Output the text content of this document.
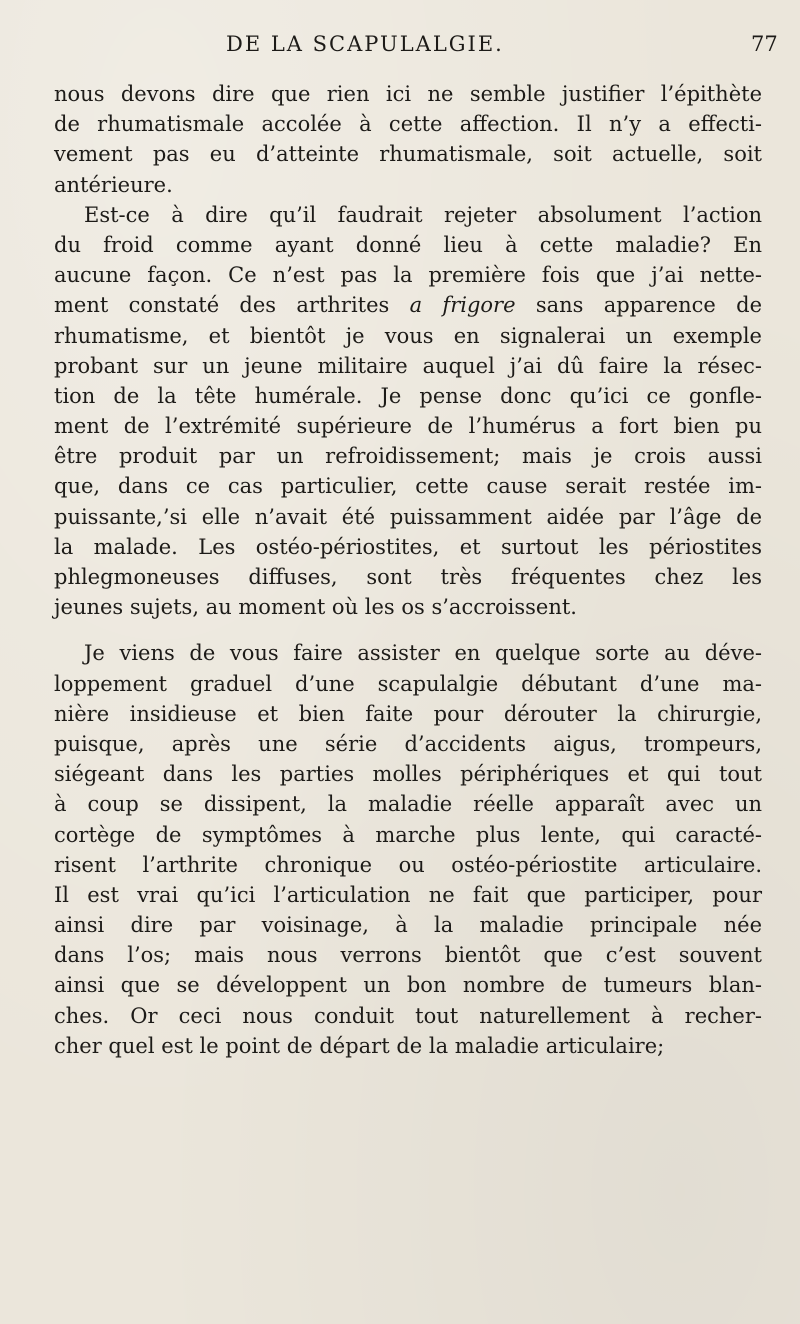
DE LA SCAPULALGIE.	77
nous devons dire que rien ici ne semble justifier l’épithète
de rhumatismale accolée à cette affection. Il n’y a effecti-
vement pas eu d’atteinte rhumatismale, soit actuelle, soit
antérieure.
Est-ce à dire qu’il faudrait rejeter absolument l’action
du froid comme ayant donné lieu à cette maladie? En
aucune façon. Ce n’est pas la première fois que j’ai nette-
ment constaté des arthrites a frigore sans apparence de
rhumatisme, et bientôt je vous en signalerai un exemple
probant sur un jeune militaire auquel j’ai dû faire la résec-
tion de la tête humérale. Je pense donc qu’ici ce gonfle-
ment de l’extrémité supérieure de l’humérus a fort bien pu
être produit par un refroidissement; mais je crois aussi
que, dans ce cas particulier, cette cause serait restée im-
puissante,’si elle n’avait été puissamment aidée par l’âge de
la malade. Les ostéo-périostites, et surtout les périostites
phlegmoneuses diffuses, sont très fréquentes chez les
jeunes sujets, au moment où les os s’accroissent.
Je viens de vous faire assister en quelque sorte au déve-
loppement graduel d’une scapulalgie débutant d’une ma-
nière insidieuse et bien faite pour dérouter la chirurgie,
puisque, après une série d’accidents aigus, trompeurs,
siégeant dans les parties molles périphériques et qui tout
à coup se dissipent, la maladie réelle apparaît avec un
cortège de symptômes à marche plus lente, qui caracté-
risent l’arthrite chronique ou ostéo-périostite articulaire.
Il est vrai qu’ici l’articulation ne fait que participer, pour
ainsi dire par voisinage, à la maladie principale née
dans l’os; mais nous verrons bientôt que c’est souvent
ainsi que se développent un bon nombre de tumeurs blan-
ches. Or ceci nous conduit tout naturellement à recher-
cher quel est le point de départ de la maladie articulaire;
